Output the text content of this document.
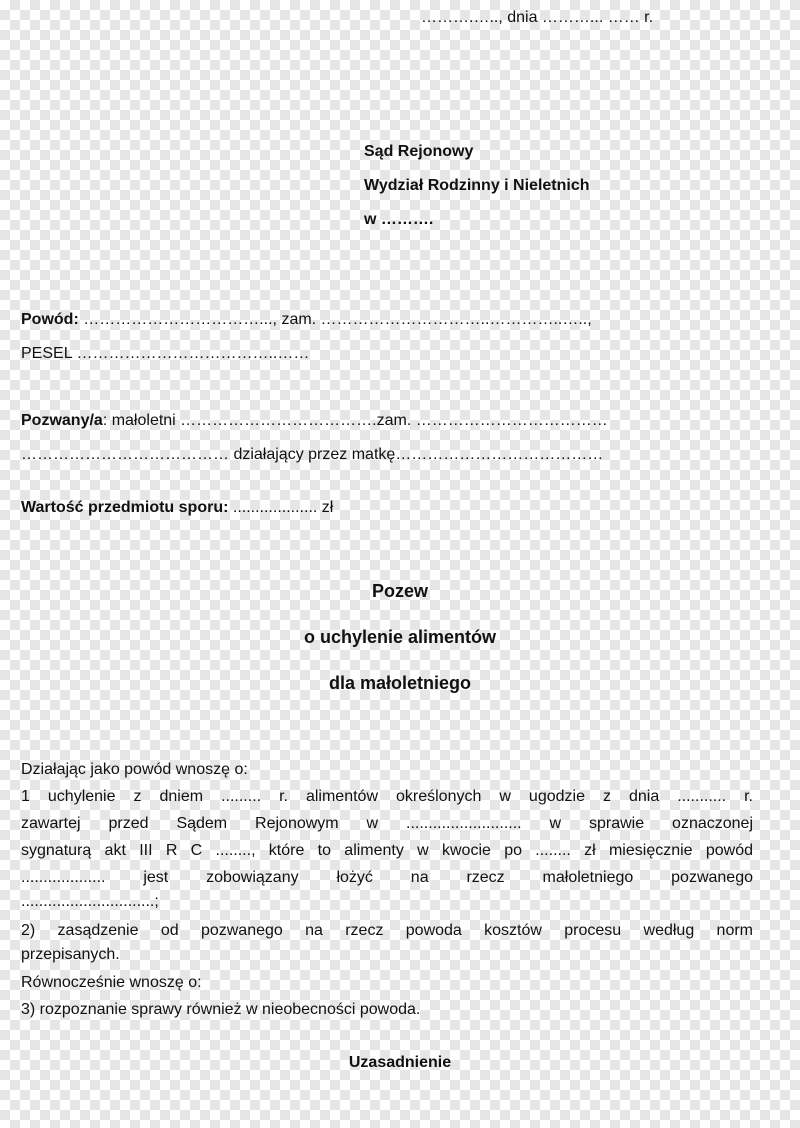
……….….., dnia ………... …… r.
Sąd Rejonowy
Wydział Rodzinny i Nieletnich
w ……….
Powód: ……………………………..., zam. …………………………..…………..…..,
PESEL ………………………………..……
Pozwany/a: małoletni ……………………………….zam. ………………………………
………………………………… działający przez matkę…………………………………
Wartość przedmiotu sporu: ................... zł
Pozew
o uchylenie alimentów
dla małoletniego
Działając jako powód wnoszę o:
1 uchylenie z dniem ......... r. alimentów określonych w ugodzie z dnia ........... r.
zawartej przed Sądem Rejonowym w .......................... w sprawie oznaczonej
sygnaturą akt III R C ........, które to alimenty w kwocie po ........ zł miesięcznie powód
................... jest zobowiązany łożyć na rzecz małoletniego pozwanego
..............................;
2) zasądzenie od pozwanego na rzecz powoda kosztów procesu według norm
przepisanych.
Równocześnie wnoszę o:
3) rozpoznanie sprawy również w nieobecności powoda.
Uzasadnienie
